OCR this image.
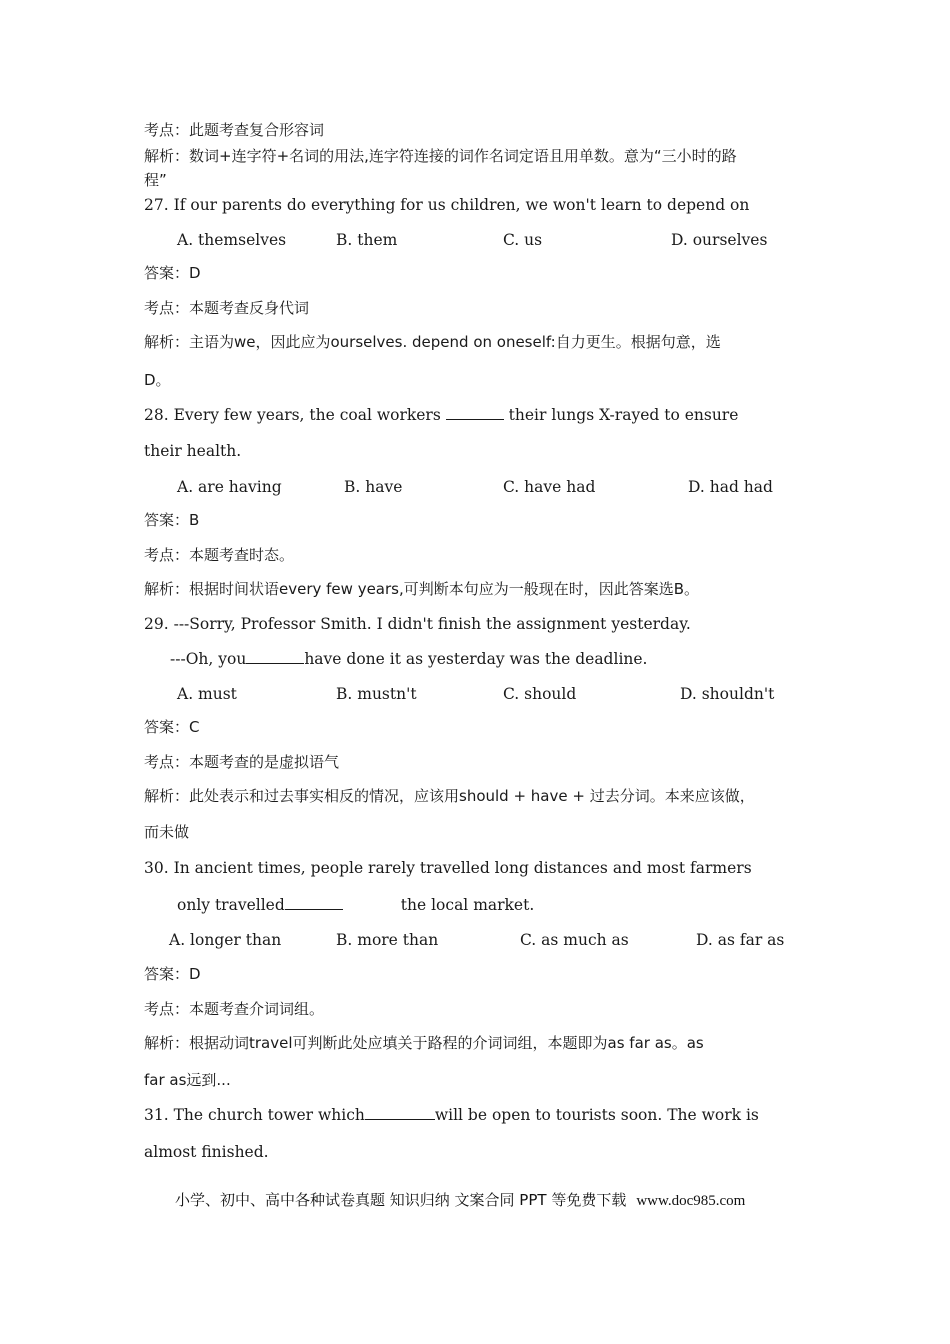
考点：此题考查复合形容词
解析：数词+连字符+名词的用法,连字符连接的词作名词定语且用单数。意为“三小时的路
程”
27. If our parents do everything for us children, we won't learn to depend on
A. themselves	B. them	C. us	D. ourselves
答案：D
考点：本题考查反身代词
解析：主语为we，因此应为ourselves. depend on oneself:自力更生。根据句意，选
D。
28. Every few years, the coal workers	their lungs X-rayed to ensure
their health.
A. are having	B. have	C. have had	D. had had
答案：B
考点：本题考查时态。
解析：根据时间状语every few years,可判断本句应为一般现在时，因此答案选B。
29. ---Sorry, Professor Smith. I didn't finish the assignment yesterday.
---Oh, you	have done it as yesterday was the deadline.
A. must	B. mustn't	C. should	D. shouldn't
答案：C
考点：本题考查的是虚拟语气
解析：此处表示和过去事实相反的情况，应该用should + have + 过去分词。本来应该做，
而未做
30. In ancient times, people rarely travelled long distances and most farmers
only travelled	the local market.
A. longer than	B. more than	C. as much as	D. as far as
答案：D
考点：本题考查介词词组。
解析：根据动词travel可判断此处应填关于路程的介词词组，本题即为as far as。as
far as远到...
31. The church tower which	will be open to tourists soon. The work is
almost finished.
小学、初中、高中各种试卷真题 知识归纳 文案合同 PPT 等免费下载 www.doc985.com
